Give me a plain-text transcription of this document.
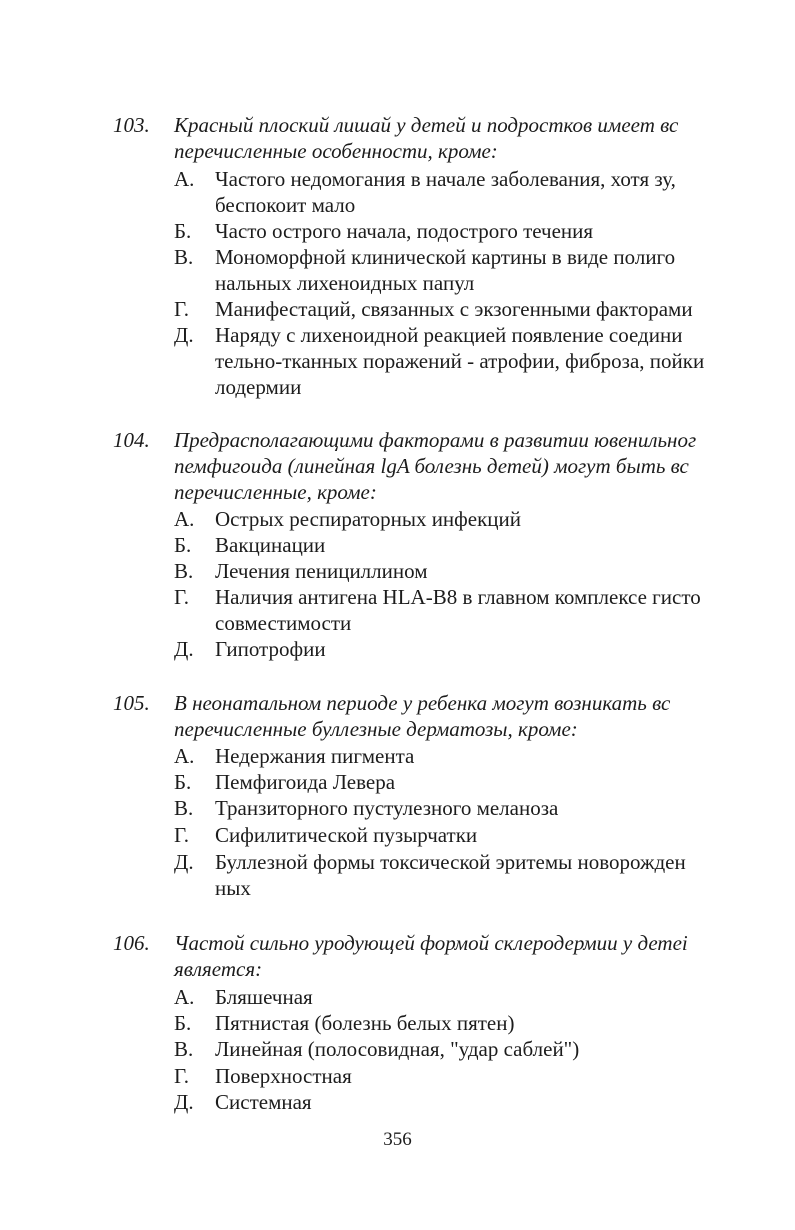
103. Красный плоский лишай у детей и подростков имеет вс
перечисленные особенности, кроме:
А. Частого недомогания в начале заболевания, хотя зу,
беспокоит мало
Б. Часто острого начала, подострого течения
В. Мономорфной клинической картины в виде полиго
нальных лихеноидных папул
Г. Манифестаций, связанных с экзогенными факторами
Д. Наряду с лихеноидной реакцией появление соедини
тельно-тканных поражений - атрофии, фиброза, пойки
лодермии
104. Предрасполагающими факторами в развитии ювенильног
пемфигоида (линейная lgA болезнь детей) могут быть вс
перечисленные, кроме:
А. Острых респираторных инфекций
Б. Вакцинации
В. Лечения пенициллином
Г. Наличия антигена HLA-B8 в главном комплексе гисто
совместимости
Д. Гипотрофии
105. В неонатальном периоде у ребенка могут возникать вс
перечисленные буллезные дерматозы, кроме:
А. Недержания пигмента
Б. Пемфигоида Левера
В. Транзиторного пустулезного меланоза
Г. Сифилитической пузырчатки
Д. Буллезной формы токсической эритемы новорожден
ных
106. Частой сильно уродующей формой склеродермии у детеі
является:
А. Бляшечная
Б. Пятнистая (болезнь белых пятен)
В. Линейная (полосовидная, "удар саблей")
Г. Поверхностная
Д. Системная
356
